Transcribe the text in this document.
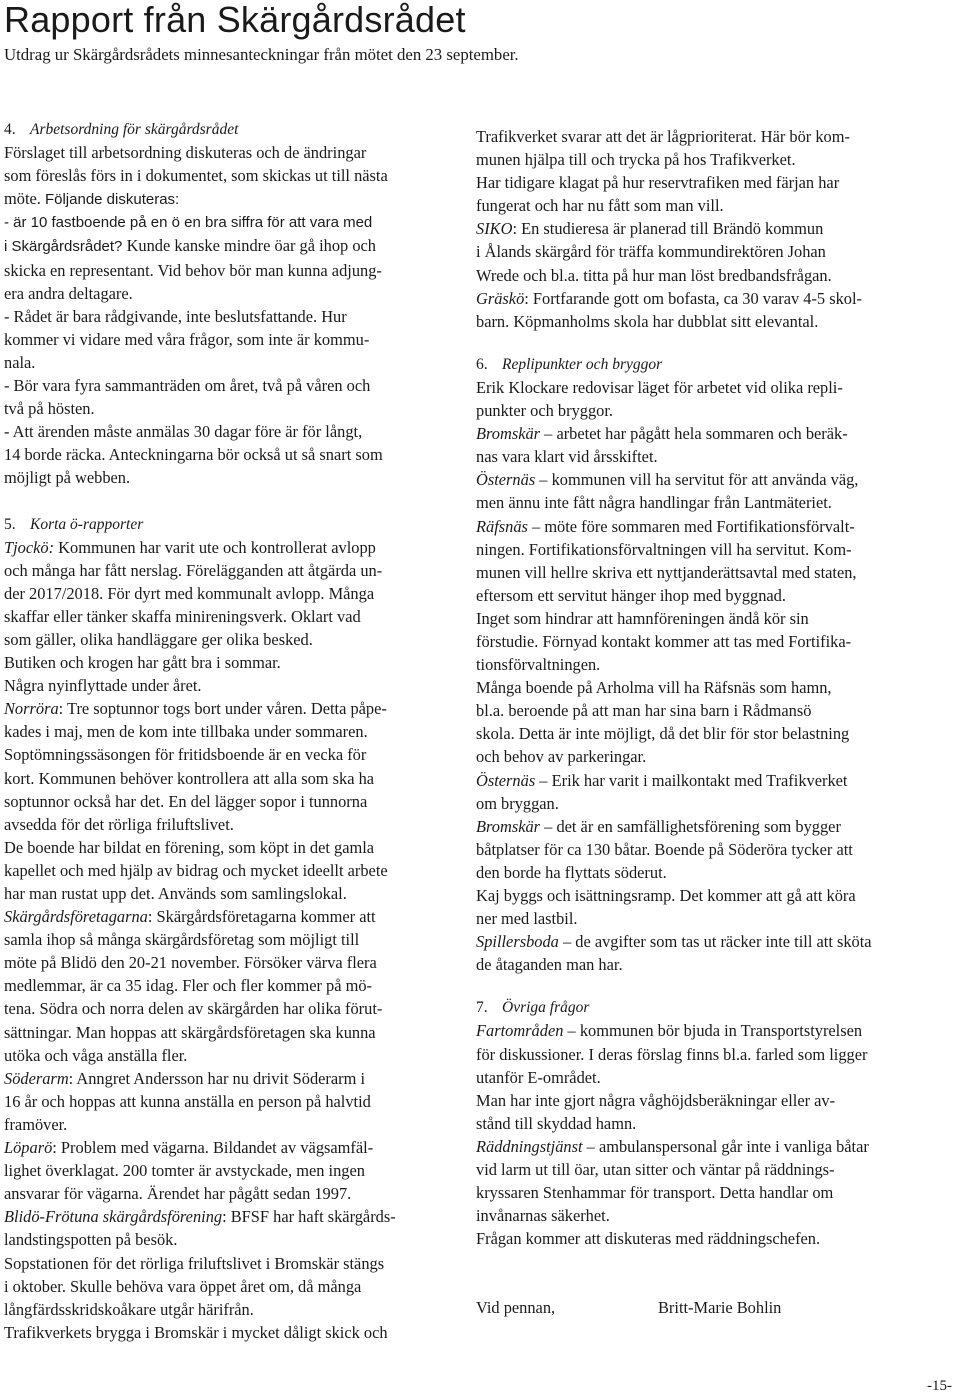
Rapport från Skärgårdsrådet

Utdrag ur Skärgårdsrådets minnesanteckningar från mötet den 23 september.

4. Arbetsordning för skärgårdsrådet

Förslaget till arbetsordning diskuteras och de ändringar

som föreslås förs in i dokumentet, som skickas ut till nästa

möte. Följande diskuteras:

- är 10 fastboende på en ö en bra siffra för att vara med

i Skärgårdsrådet? Kunde kanske mindre öar gå ihop och

skicka en representant. Vid behov bör man kunna adjung-

era andra deltagare.

- Rådet är bara rådgivande, inte beslutsfattande. Hur

kommer vi vidare med våra frågor, som inte är kommu-

nala.

- Bör vara fyra sammanträden om året, två på våren och

två på hösten.

- Att ärenden måste anmälas 30 dagar före är för långt,

14 borde räcka. Anteckningarna bör också ut så snart som

möjligt på webben.

5. Korta ö-rapporter

Tjockö: Kommunen har varit ute och kontrollerat avlopp

och många har fått nerslag. Förelägganden att åtgärda un-

der 2017/2018. För dyrt med kommunalt avlopp. Många

skaffar eller tänker skaffa minireningsverk. Oklart vad

som gäller, olika handläggare ger olika besked.

Butiken och krogen har gått bra i sommar.

Några nyinflyttade under året.

Norröra: Tre soptunnor togs bort under våren. Detta påpe-

kades i maj, men de kom inte tillbaka under sommaren.

Soptömningssäsongen för fritidsboende är en vecka för

kort. Kommunen behöver kontrollera att alla som ska ha

soptunnor också har det. En del lägger sopor i tunnorna

avsedda för det rörliga friluftslivet.

De boende har bildat en förening, som köpt in det gamla

kapellet och med hjälp av bidrag och mycket ideellt arbete

har man rustat upp det. Används som samlingslokal.

Skärgårdsföretagarna: Skärgårdsföretagarna kommer att

samla ihop så många skärgårdsföretag som möjligt till

möte på Blidö den 20-21 november. Försöker värva flera

medlemmar, är ca 35 idag. Fler och fler kommer på mö-

tena. Södra och norra delen av skärgården har olika förut-

sättningar. Man hoppas att skärgårdsföretagen ska kunna

utöka och våga anställa fler.

Söderarm: Anngret Andersson har nu drivit Söderarm i

16 år och hoppas att kunna anställa en person på halvtid

framöver.

Löparö: Problem med vägarna. Bildandet av vägsamfäl-

lighet överklagat. 200 tomter är avstyckade, men ingen

ansvarar för vägarna. Ärendet har pågått sedan 1997.

Blidö-Frötuna skärgårdsförening: BFSF har haft skärgårds-

landstingspotten på besök.

Sopstationen för det rörliga friluftslivet i Bromskär stängs

i oktober. Skulle behöva vara öppet året om, då många

långfärdsskridskoåkare utgår härifrån.

Trafikverkets brygga i Bromskär i mycket dåligt skick och

Trafikverket svarar att det är lågprioriterat. Här bör kom-

munen hjälpa till och trycka på hos Trafikverket.

Har tidigare klagat på hur reservtrafiken med färjan har

fungerat och har nu fått som man vill.

SIKO: En studieresa är planerad till Brändö kommun

i Ålands skärgård för träffa kommundirektören Johan

Wrede och bl.a. titta på hur man löst bredbandsfrågan.

Gräskö: Fortfarande gott om bofasta, ca 30 varav 4-5 skol-

barn. Köpmanholms skola har dubblat sitt elevantal.

6. Replipunkter och bryggor

Erik Klockare redovisar läget för arbetet vid olika repli-

punkter och bryggor.

Bromskär – arbetet har pågått hela sommaren och beräk-

nas vara klart vid årsskiftet.

Östernäs – kommunen vill ha servitut för att använda väg,

men ännu inte fått några handlingar från Lantmäteriet.

Räfsnäs – möte före sommaren med Fortifikationsförvalt-

ningen. Fortifikationsförvaltningen vill ha servitut. Kom-

munen vill hellre skriva ett nyttjanderättsavtal med staten,

eftersom ett servitut hänger ihop med byggnad.

Inget som hindrar att hamnföreningen ändå kör sin

förstudie. Förnyad kontakt kommer att tas med Fortifika-

tionsförvaltningen.

Många boende på Arholma vill ha Räfsnäs som hamn,

bl.a. beroende på att man har sina barn i Rådmansö

skola. Detta är inte möjligt, då det blir för stor belastning

och behov av parkeringar.

Östernäs – Erik har varit i mailkontakt med Trafikverket

om bryggan.

Bromskär – det är en samfällighetsförening som bygger

båtplatser för ca 130 båtar. Boende på Söderöra tycker att

den borde ha flyttats söderut.

Kaj byggs och isättningsramp. Det kommer att gå att köra

ner med lastbil.

Spillersboda – de avgifter som tas ut räcker inte till att sköta

de åtaganden man har.

7. Övriga frågor

Fartområden – kommunen bör bjuda in Transportstyrelsen

för diskussioner. I deras förslag finns bl.a. farled som ligger

utanför E-området.

Man har inte gjort några våghöjdsberäkningar eller av-

stånd till skyddad hamn.

Räddningstjänst – ambulanspersonal går inte i vanliga båtar

vid larm ut till öar, utan sitter och väntar på räddnings-

kryssaren Stenhammar för transport. Detta handlar om

invånarnas säkerhet.

Frågan kommer att diskuteras med räddningschefen.

Vid pennan,	Britt-Marie Bohlin

-15-
